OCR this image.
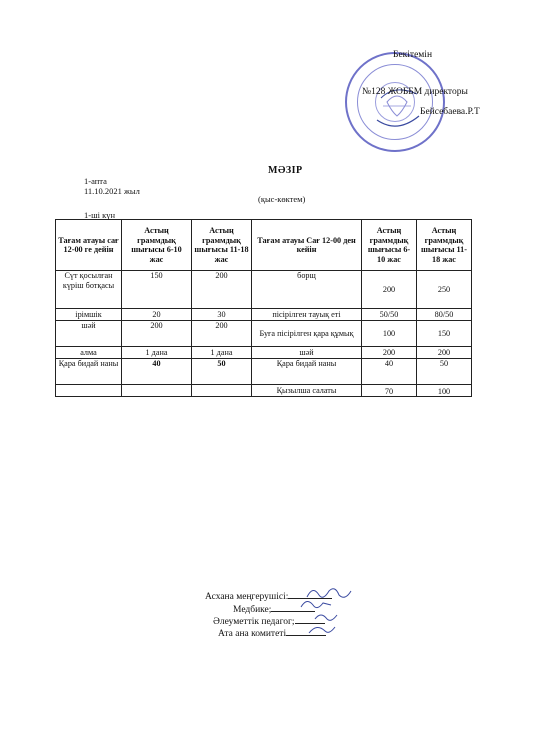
Бекітемін
№128 ЖОББМ директоры
Бейсебаева.Р.Т
МӘЗІР
1-апта
11.10.2021 жыл
(қыс-көктем)
1-ші күн
Тағам атауы сағ 12-00 ге дейін	Астың граммдық шығысы 6-10 жас	Астың граммдық шығысы 11-18 жас	Тағам атауы Сағ 12-00 ден кейін	Астың граммдық шығысы 6-10 жас	Астың граммдық шығысы 11-18 жас
Сүт қосылған күріш ботқасы	150	200	борщ	200	250
ірімшік	20	30	пісірілген тауық еті	50/50	80/50
шәй	200	200	Буға пісірілген қара құмық	100	150
алма	1 дана	1 дана	шәй	200	200
Қара бидай наны	40	50	Қара бидай наны	40	50
			Қызылша салаты	70	100
Асхана меңгерушісі:
Медбике;
Әлеуметтік педагог;
Ата ана комитеті
